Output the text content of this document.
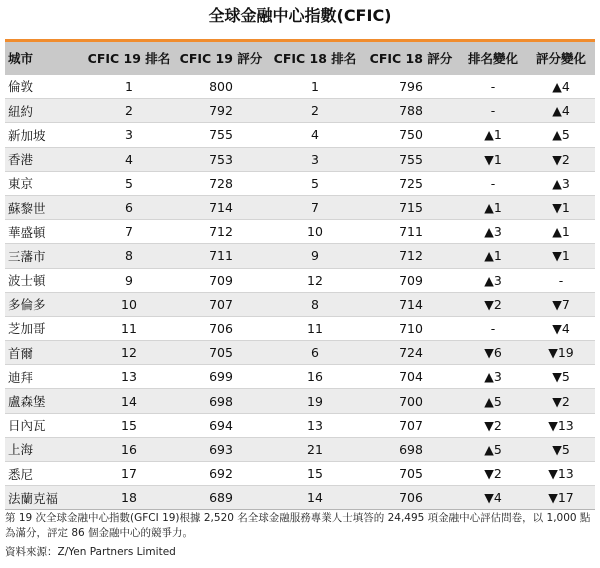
全球金融中心指數(CFIC)
城市	CFIC 19 排名	CFIC 19 評分	CFIC 18 排名	CFIC 18 評分	排名變化	評分變化
倫敦	1	800	1	796	-	▲4
紐約	2	792	2	788	-	▲4
新加坡	3	755	4	750	▲1	▲5
香港	4	753	3	755	▼1	▼2
東京	5	728	5	725	-	▲3
蘇黎世	6	714	7	715	▲1	▼1
華盛頓	7	712	10	711	▲3	▲1
三藩市	8	711	9	712	▲1	▼1
波士頓	9	709	12	709	▲3	-
多倫多	10	707	8	714	▼2	▼7
芝加哥	11	706	11	710	-	▼4
首爾	12	705	6	724	▼6	▼19
迪拜	13	699	16	704	▲3	▼5
盧森堡	14	698	19	700	▲5	▼2
日內瓦	15	694	13	707	▼2	▼13
上海	16	693	21	698	▲5	▼5
悉尼	17	692	15	705	▼2	▼13
法蘭克福	18	689	14	706	▼4	▼17
第 19 次全球金融中心指數(GFCI 19)根據 2,520 名全球金融服務專業人士填答的 24,495 項金融中心評估問卷，以 1,000 點為滿分，評定 86 個金融中心的競爭力。
資料來源：Z/Yen Partners Limited
